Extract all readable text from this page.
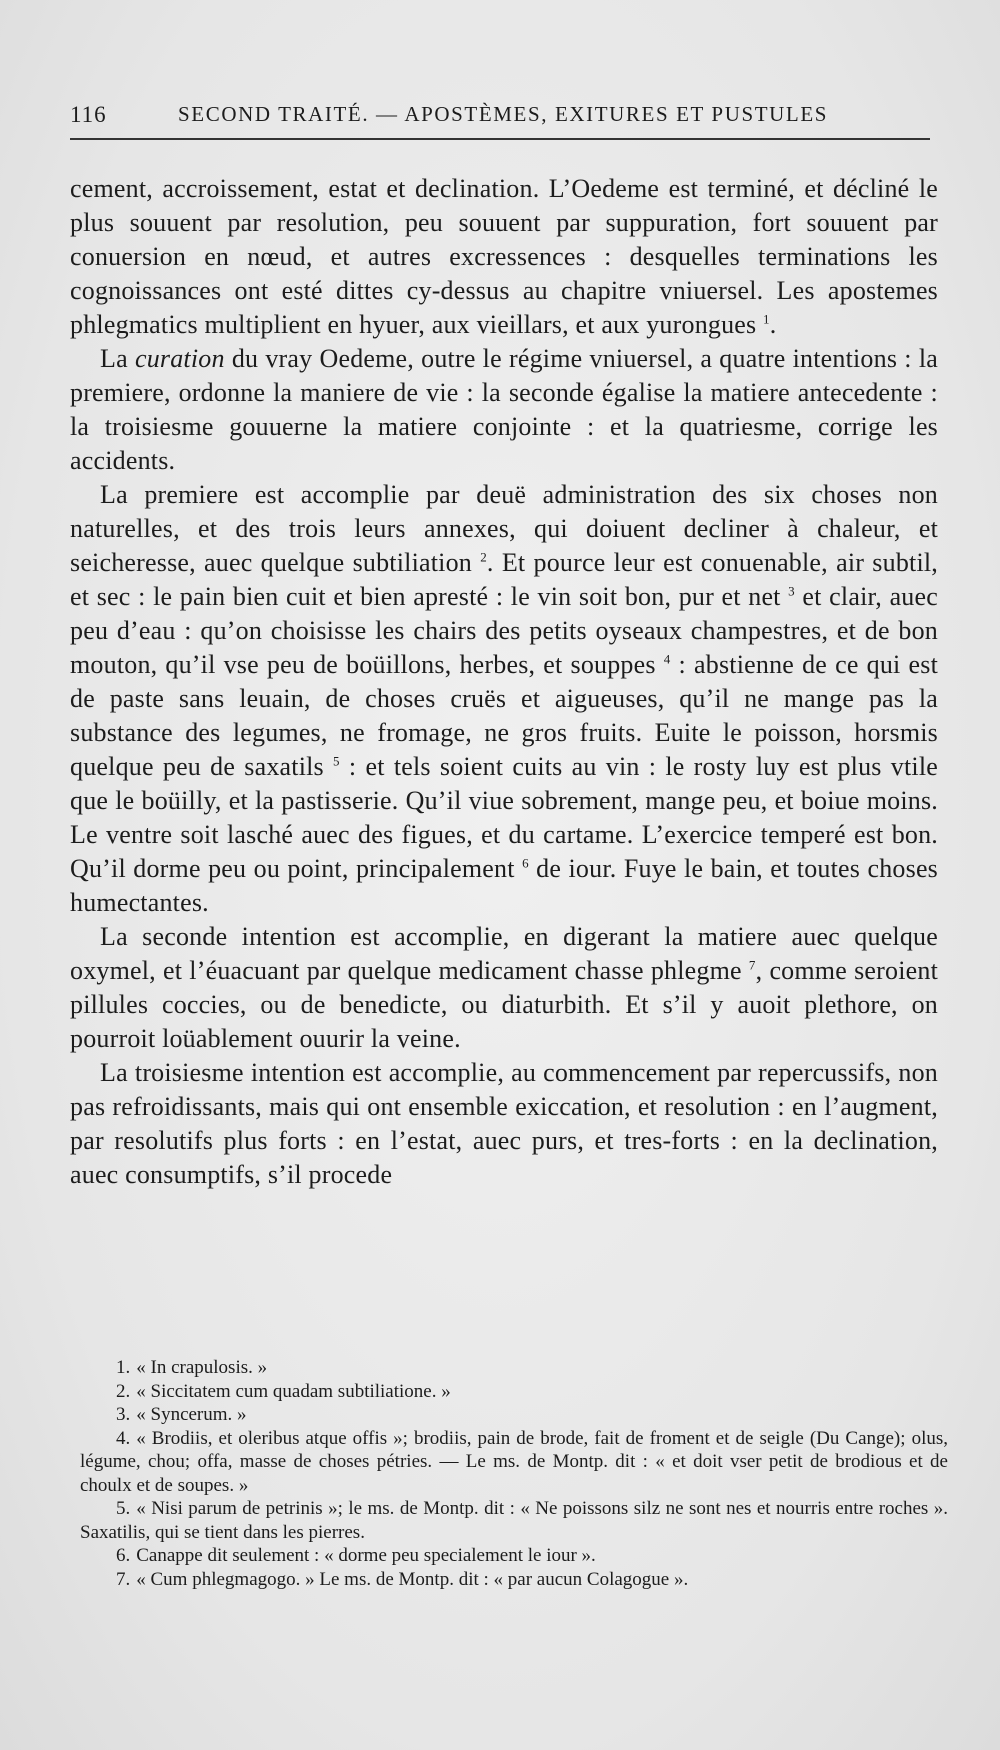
116	SECOND TRAITÉ. — APOSTÈMES, EXITURES ET PUSTULES

cement, accroissement, estat et declination. L’Oedeme est terminé, et décliné le plus souuent par resolution, peu souuent par suppuration, fort souuent par conuersion en nœud, et autres excressences : desquelles terminations les cognoissances ont esté dittes cy-dessus au chapitre vniuersel. Les apostemes phlegmatics multiplient en hyuer, aux vieillars, et aux yurongues $^1$.

La curation du vray Oedeme, outre le régime vniuersel, a quatre intentions : la premiere, ordonne la maniere de vie : la seconde égalise la matiere antecedente : la troisiesme gouuerne la matiere conjointe : et la quatriesme, corrige les accidents.

La premiere est accomplie par deuë administration des six choses non naturelles, et des trois leurs annexes, qui doiuent decliner à chaleur, et seicheresse, auec quelque subtiliation $^2$. Et pource leur est conuenable, air subtil, et sec : le pain bien cuit et bien apresté : le vin soit bon, pur et net $^3$ et clair, auec peu d’eau : qu’on choisisse les chairs des petits oyseaux champestres, et de bon mouton, qu’il vse peu de boüillons, herbes, et souppes $^4$ : abstienne de ce qui est de paste sans leuain, de choses cruës et aigueuses, qu’il ne mange pas la substance des legumes, ne fromage, ne gros fruits. Euite le poisson, horsmis quelque peu de saxatils $^5$ : et tels soient cuits au vin : le rosty luy est plus vtile que le boüilly, et la pastisserie. Qu’il viue sobrement, mange peu, et boiue moins. Le ventre soit lasché auec des figues, et du cartame. L’exercice temperé est bon. Qu’il dorme peu ou point, principalement $^6$ de iour. Fuye le bain, et toutes choses humectantes.

La seconde intention est accomplie, en digerant la matiere auec quelque oxymel, et l’éuacuant par quelque medicament chasse phlegme $^7$, comme seroient pillules coccies, ou de benedicte, ou diaturbith. Et s’il y auoit plethore, on pourroit loüablement ouurir la veine.

La troisiesme intention est accomplie, au commencement par repercussifs, non pas refroidissants, mais qui ont ensemble exiccation, et resolution : en l’augment, par resolutifs plus forts : en l’estat, auec purs, et tres-forts : en la declination, auec consumptifs, s’il procede

1. « In crapulosis. »

2. « Siccitatem cum quadam subtiliatione. »

3. « Syncerum. »

4. « Brodiis, et oleribus atque offis »; brodiis, pain de brode, fait de froment et de seigle (Du Cange); olus, légume, chou; offa, masse de choses pétries. — Le ms. de Montp. dit : « et doit vser petit de brodious et de choulx et de soupes. »

5. « Nisi parum de petrinis »; le ms. de Montp. dit : « Ne poissons silz ne sont nes et nourris entre roches ». Saxatilis, qui se tient dans les pierres.

6. Canappe dit seulement : « dorme peu specialement le iour ».

7. « Cum phlegmagogo. » Le ms. de Montp. dit : « par aucun Colagogue ».
